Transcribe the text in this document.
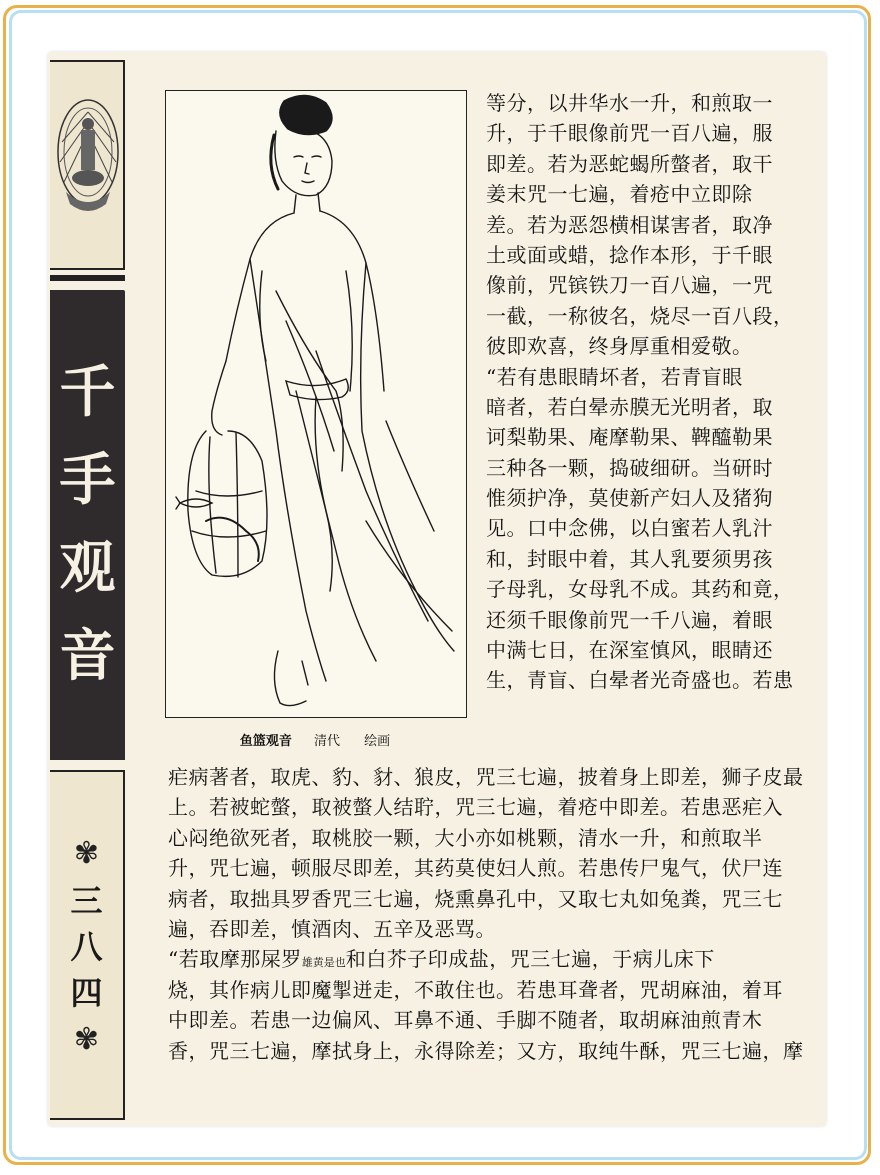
千
手
观
音
✾
三
八
四
✾
鱼篮观音 清代 绘画
等分，以井华水一升，和煎取一
升，于千眼像前咒一百八遍，服
即差。若为恶蛇蝎所螫者，取干
姜末咒一七遍，着疮中立即除
差。若为恶怨横相谋害者，取净
土或面或蜡，捻作本形，于千眼
像前，咒镔铁刀一百八遍，一咒
一截，一称彼名，烧尽一百八段，
彼即欢喜，终身厚重相爱敬。
“若有患眼睛坏者，若青盲眼
暗者，若白晕赤膜无光明者，取
诃梨勒果、庵摩勒果、鞞醯勒果
三种各一颗，捣破细研。当研时
惟须护净，莫使新产妇人及猪狗
见。口中念佛，以白蜜若人乳汁
和，封眼中着，其人乳要须男孩
子母乳，女母乳不成。其药和竟，
还须千眼像前咒一千八遍，着眼
中满七日，在深室慎风，眼睛还
生，青盲、白晕者光奇盛也。若患
疟病著者，取虎、豹、豺、狼皮，咒三七遍，披着身上即差，狮子皮最
上。若被蛇螫，取被螫人结聍，咒三七遍，着疮中即差。若患恶疟入
心闷绝欲死者，取桃胶一颗，大小亦如桃颗，清水一升，和煎取半
升，咒七遍，顿服尽即差，其药莫使妇人煎。若患传尸鬼气，伏尸连
病者，取拙具罗香咒三七遍，烧熏鼻孔中，又取七丸如兔粪，咒三七
遍，吞即差，慎酒肉、五辛及恶骂。
“若取摩那屎罗雄黄是也和白芥子印成盐，咒三七遍，于病儿床下
烧，其作病儿即魔掣迸走，不敢住也。若患耳聋者，咒胡麻油，着耳
中即差。若患一边偏风、耳鼻不通、手脚不随者，取胡麻油煎青木
香，咒三七遍，摩拭身上，永得除差；又方，取纯牛酥，咒三七遍，摩
